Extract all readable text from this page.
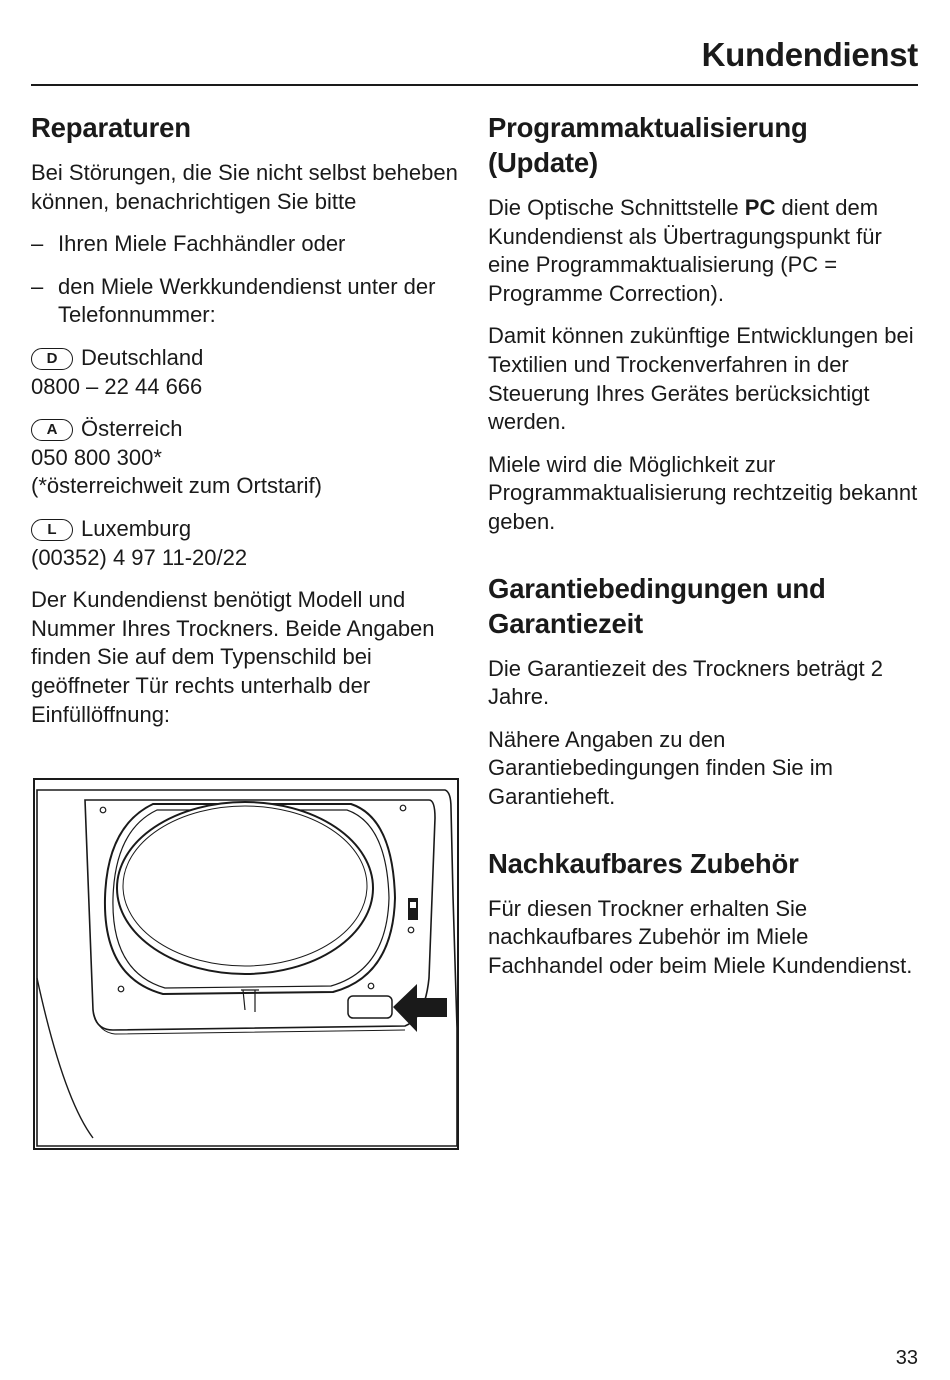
Kundendienst
Reparaturen

Bei Störungen, die Sie nicht selbst beheben können, benachrichtigen Sie bitte

– Ihren Miele Fachhändler oder
– den Miele Werkkundendienst unter der Telefonnummer:
D Deutschland
0800 – 22 44 666
A Österreich
050 800 300*
(*österreichweit zum Ortstarif)
L Luxemburg
(00352) 4 97 11-20/22

Der Kundendienst benötigt Modell und Nummer Ihres Trockners. Beide Angaben finden Sie auf dem Typenschild bei geöffneter Tür rechts unterhalb der Einfüllöffnung:

Programmaktualisierung (Update)

Die Optische Schnittstelle PC dient dem Kundendienst als Übertragungspunkt für eine Programmaktualisierung (PC = Programme Correction).

Damit können zukünftige Entwicklungen bei Textilien und Trockenverfahren in der Steuerung Ihres Gerätes berücksichtigt werden.

Miele wird die Möglichkeit zur Programmaktualisierung rechtzeitig bekannt geben.

Garantiebedingungen und Garantiezeit

Die Garantiezeit des Trockners beträgt 2 Jahre.

Nähere Angaben zu den Garantiebedingungen finden Sie im Garantieheft.

Nachkaufbares Zubehör

Für diesen Trockner erhalten Sie nachkaufbares Zubehör im Miele Fachhandel oder beim Miele Kundendienst.

33
